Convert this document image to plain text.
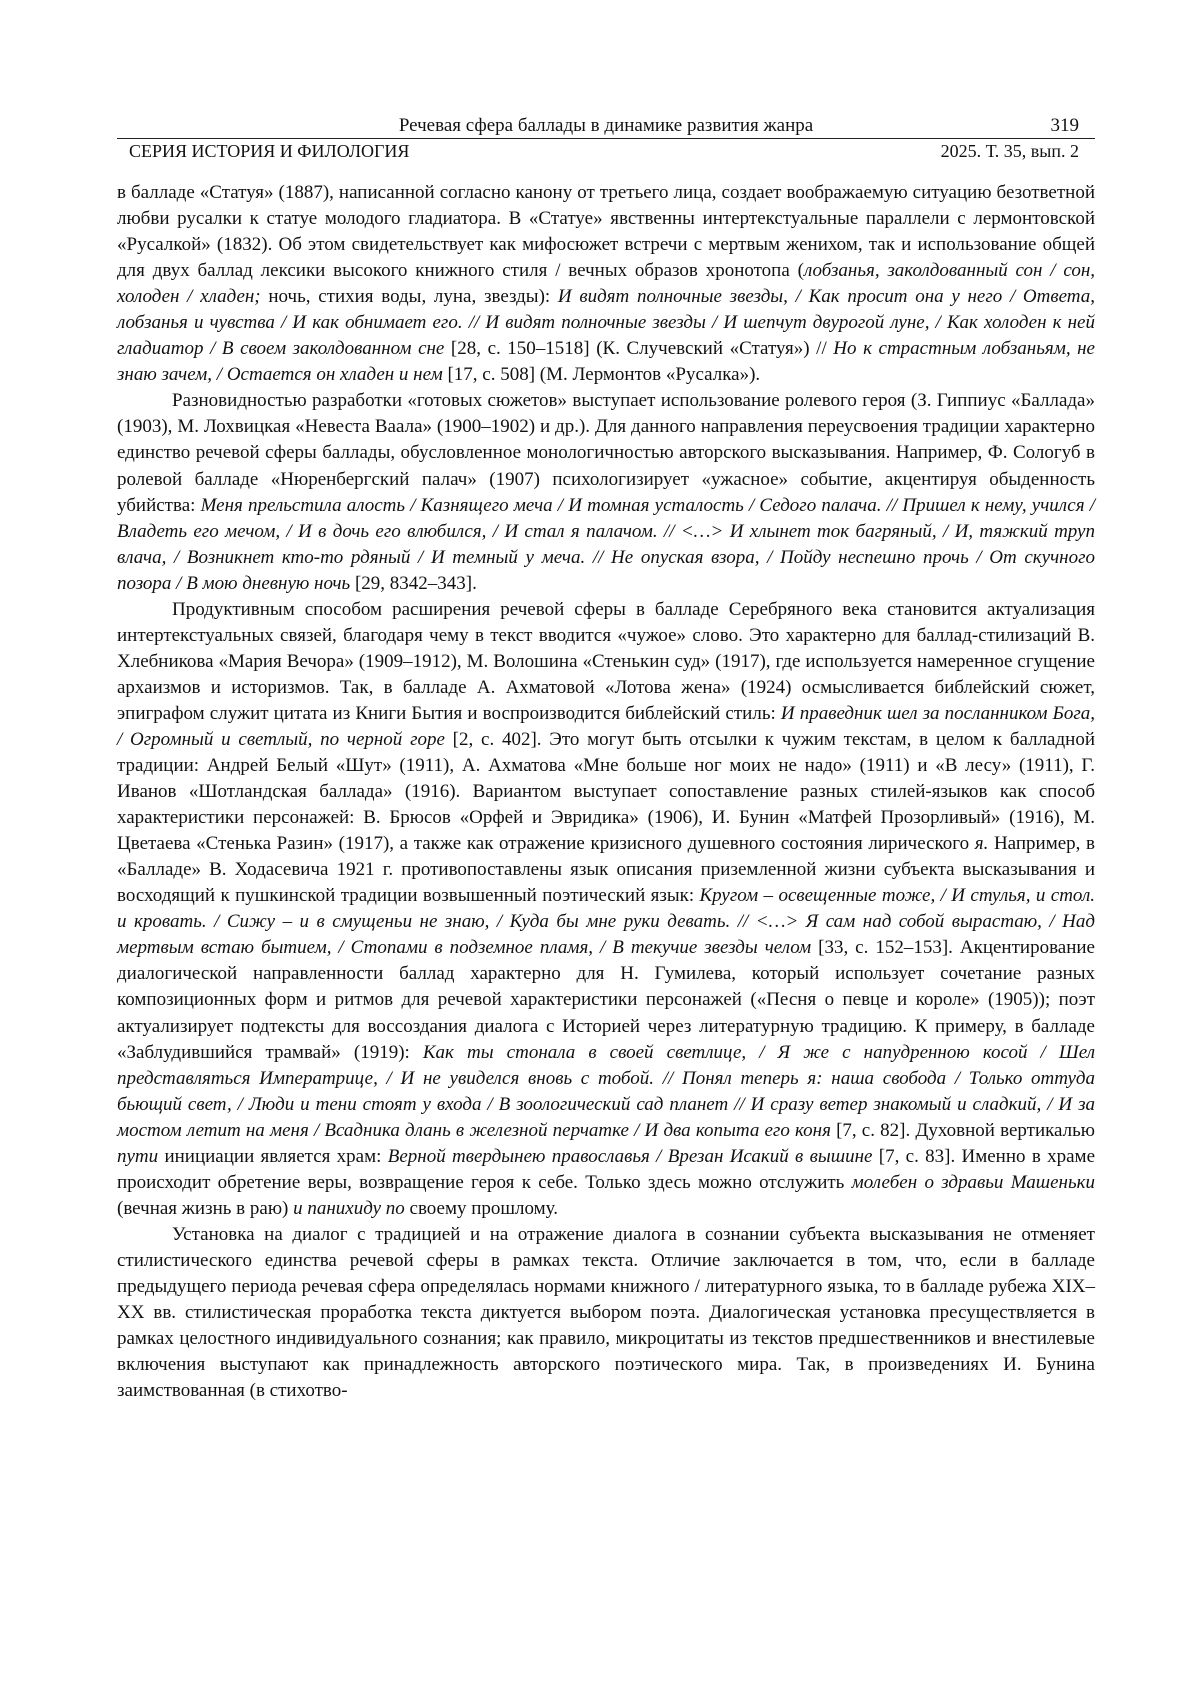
Речевая сфера баллады в динамике развития жанра	319
СЕРИЯ ИСТОРИЯ И ФИЛОЛОГИЯ	2025. Т. 35, вып. 2

в балладе «Статуя» (1887), написанной согласно канону от третьего лица, создает воображаемую ситуацию безответной любви русалки к статуе молодого гладиатора. В «Статуе» явственны интертекстуальные параллели с лермонтовской «Русалкой» (1832). Об этом свидетельствует как мифосюжет встречи с мертвым женихом, так и использование общей для двух баллад лексики высокого книжного стиля / вечных образов хронотопа (лобзанья, заколдованный сон / сон, холоден / хладен; ночь, стихия воды, луна, звезды): И видят полночные звезды, / Как просит она у него / Ответа, лобзанья и чувства / И как обнимает его. // И видят полночные звезды / И шепчут двурогой луне, / Как холоден к ней гладиатор / В своем заколдованном сне [28, с. 150–1518] (К. Случевский «Статуя») // Но к страстным лобзаньям, не знаю зачем, / Остается он хладен и нем [17, с. 508] (М. Лермонтов «Русалка»).

Разновидностью разработки «готовых сюжетов» выступает использование ролевого героя (З. Гиппиус «Баллада» (1903), М. Лохвицкая «Невеста Ваала» (1900–1902) и др.). Для данного направления переусвоения традиции характерно единство речевой сферы баллады, обусловленное монологичностью авторского высказывания. Например, Ф. Сологуб в ролевой балладе «Нюренбергский палач» (1907) психологизирует «ужасное» событие, акцентируя обыденность убийства: Меня прельстила алость / Казнящего меча / И томная усталость / Седого палача. // Пришел к нему, учился / Владеть его мечом, / И в дочь его влюбился, / И стал я палачом. // <…> И хлынет ток багряный, / И, тяжкий труп влача, / Возникнет кто-то рдяный / И темный у меча. // Не опуская взора, / Пойду неспешно прочь / От скучного позора / В мою дневную ночь [29, 8342–343].

Продуктивным способом расширения речевой сферы в балладе Серебряного века становится актуализация интертекстуальных связей, благодаря чему в текст вводится «чужое» слово. Это характерно для баллад-стилизаций В. Хлебникова «Мария Вечора» (1909–1912), М. Волошина «Стенькин суд» (1917), где используется намеренное сгущение архаизмов и историзмов. Так, в балладе А. Ахматовой «Лотова жена» (1924) осмысливается библейский сюжет, эпиграфом служит цитата из Книги Бытия и воспроизводится библейский стиль: И праведник шел за посланником Бога, / Огромный и светлый, по черной горе [2, с. 402]. Это могут быть отсылки к чужим текстам, в целом к балладной традиции: Андрей Белый «Шут» (1911), А. Ахматова «Мне больше ног моих не надо» (1911) и «В лесу» (1911), Г. Иванов «Шотландская баллада» (1916). Вариантом выступает сопоставление разных стилей-языков как способ характеристики персонажей: В. Брюсов «Орфей и Эвридика» (1906), И. Бунин «Матфей Прозорливый» (1916), М. Цветаева «Стенька Разин» (1917), а также как отражение кризисного душевного состояния лирического я. Например, в «Балладе» В. Ходасевича 1921 г. противопоставлены язык описания приземленной жизни субъекта высказывания и восходящий к пушкинской традиции возвышенный поэтический язык: Кругом – освещенные тоже, / И стулья, и стол. и кровать. / Сижу – и в смущеньи не знаю, / Куда бы мне руки девать. // <…> Я сам над собой вырастаю, / Над мертвым встаю бытием, / Стопами в подземное пламя, / В текучие звезды челом [33, с. 152–153]. Акцентирование диалогической направленности баллад характерно для Н. Гумилева, который использует сочетание разных композиционных форм и ритмов для речевой характеристики персонажей («Песня о певце и короле» (1905)); поэт актуализирует подтексты для воссоздания диалога с Историей через литературную традицию. К примеру, в балладе «Заблудившийся трамвай» (1919): Как ты стонала в своей светлице, / Я же с напудренною косой / Шел представляться Императрице, / И не увиделся вновь с тобой. // Понял теперь я: наша свобода / Только оттуда бьющий свет, / Люди и тени стоят у входа / В зоологический сад планет // И сразу ветер знакомый и сладкий, / И за мостом летит на меня / Всадника длань в железной перчатке / И два копыта его коня [7, с. 82]. Духовной вертикалью пути инициации является храм: Верной твердынею православья / Врезан Исакий в вышине [7, с. 83]. Именно в храме происходит обретение веры, возвращение героя к себе. Только здесь можно отслужить молебен о здравьи Машеньки (вечная жизнь в раю) и панихиду по своему прошлому.

Установка на диалог с традицией и на отражение диалога в сознании субъекта высказывания не отменяет стилистического единства речевой сферы в рамках текста. Отличие заключается в том, что, если в балладе предыдущего периода речевая сфера определялась нормами книжного / литературного языка, то в балладе рубежа XIX–XX вв. стилистическая проработка текста диктуется выбором поэта. Диалогическая установка пресуществляется в рамках целостного индивидуального сознания; как правило, микроцитаты из текстов предшественников и внестилевые включения выступают как принадлежность авторского поэтического мира. Так, в произведениях И. Бунина заимствованная (в стихотво-
